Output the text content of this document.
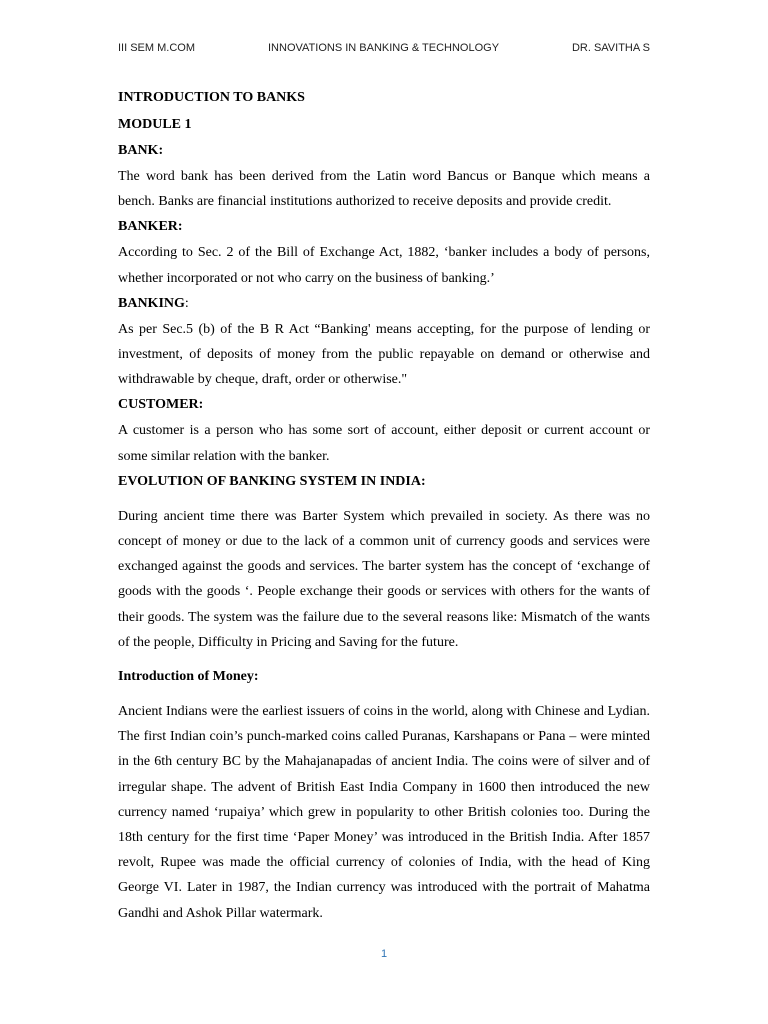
III SEM M.COM	INNOVATIONS IN BANKING & TECHNOLOGY	DR. SAVITHA S

INTRODUCTION TO BANKS

MODULE 1

BANK:

The word bank has been derived from the Latin word Bancus or Banque which means a bench. Banks are financial institutions authorized to receive deposits and provide credit.

BANKER:

According to Sec. 2 of the Bill of Exchange Act, 1882, ‘banker includes a body of persons, whether incorporated or not who carry on the business of banking.’

BANKING:

As per Sec.5 (b) of the B R Act “Banking' means accepting, for the purpose of lending or investment, of deposits of money from the public repayable on demand or otherwise and withdrawable by cheque, draft, order or otherwise."

CUSTOMER:

A customer is a person who has some sort of account, either deposit or current account or some similar relation with the banker.

EVOLUTION OF BANKING SYSTEM IN INDIA:

During ancient time there was Barter System which prevailed in society. As there was no concept of money or due to the lack of a common unit of currency goods and services were exchanged against the goods and services. The barter system has the concept of ‘exchange of goods with the goods ‘. People exchange their goods or services with others for the wants of their goods. The system was the failure due to the several reasons like: Mismatch of the wants of the people, Difficulty in Pricing and Saving for the future.

Introduction of Money:

Ancient Indians were the earliest issuers of coins in the world, along with Chinese and Lydian. The first Indian coin’s punch-marked coins called Puranas, Karshapans or Pana – were minted in the 6th century BC by the Mahajanapadas of ancient India. The coins were of silver and of irregular shape. The advent of British East India Company in 1600 then introduced the new currency named ‘rupaiya’ which grew in popularity to other British colonies too. During the 18th century for the first time ‘Paper Money’ was introduced in the British India. After 1857 revolt, Rupee was made the official currency of colonies of India, with the head of King George VI. Later in 1987, the Indian currency was introduced with the portrait of Mahatma Gandhi and Ashok Pillar watermark.

1
